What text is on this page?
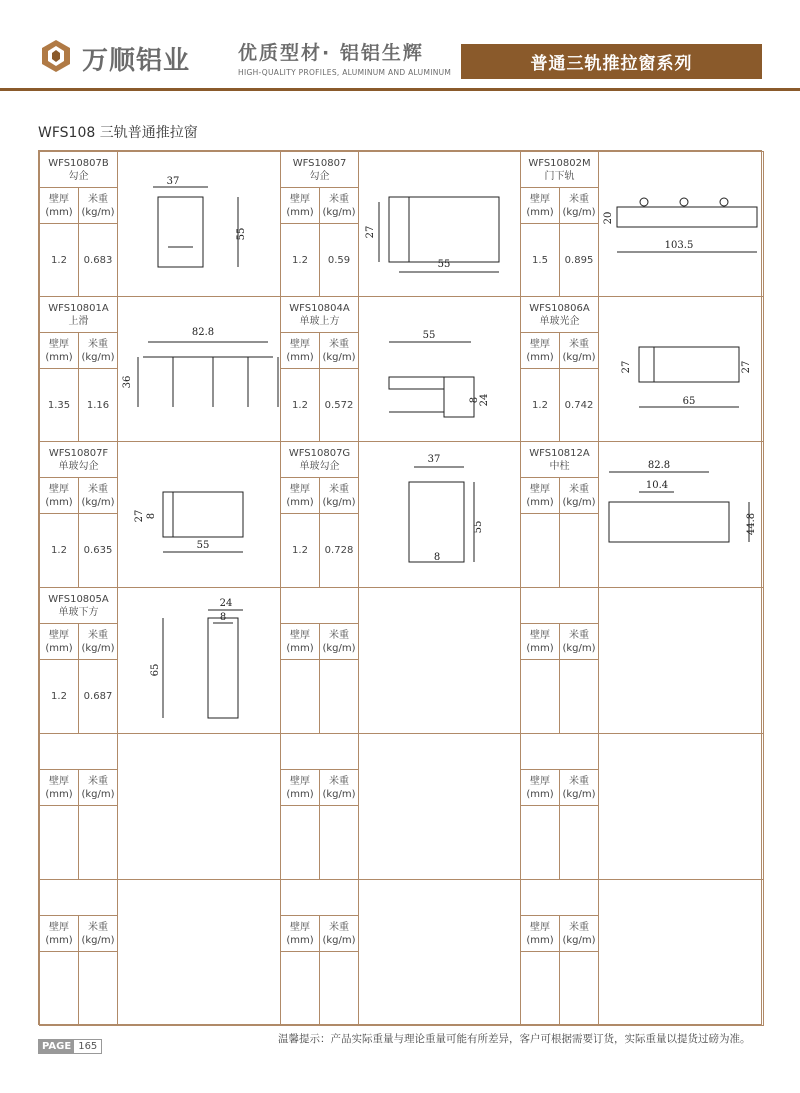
万顺铝业	优质型材· 铝铝生辉
HIGH-QUALITY PROFILES, ALUMINUM AND ALUMINUM	普通三轨推拉窗系列
WFS108 三轨普通推拉窗
WFS10807B
勾企
壁厚
(mm)
米重
(kg/m)
1.2 0.683
37
55
WFS10807
勾企
壁厚
(mm)
米重
(kg/m)
1.2 0.59
27
55
WFS10802M
门下轨
壁厚
(mm)
米重
(kg/m)
1.5 0.895
103.5
20
WFS10801A
上滑
壁厚
(mm)
米重
(kg/m)
1.35 1.16
82.8
36
WFS10804A
单玻上方
壁厚
(mm)
米重
(kg/m)
1.2 0.572
55
8 24
WFS10806A
单玻光企
壁厚
(mm)
米重
(kg/m)
1.2 0.742
27	27
65
WFS10807F
单玻勾企
壁厚
(mm)
米重
(kg/m)
1.2 0.635
27 8
55
WFS10807G
单玻勾企
壁厚
(mm)
米重
(kg/m)
1.2 0.728
37
55
8
WFS10812A
中柱
壁厚
(mm)
米重
(kg/m)
82.8
10.4
44.8
WFS10805A
单玻下方
壁厚
(mm)
米重
(kg/m)
1.2 0.687
24
8
65
壁厚
(mm)
米重
(kg/m)
壁厚
(mm)
米重
(kg/m)
壁厚
(mm)
米重
(kg/m)
壁厚
(mm)
米重
(kg/m)
壁厚
(mm)
米重
(kg/m)
壁厚
(mm)
米重
(kg/m)
壁厚
(mm)
米重
(kg/m)
壁厚
(mm)
米重
(kg/m)
温馨提示：产品实际重量与理论重量可能有所差异，客户可根据需要订货，实际重量以提货过磅为准。
PAGE 165
